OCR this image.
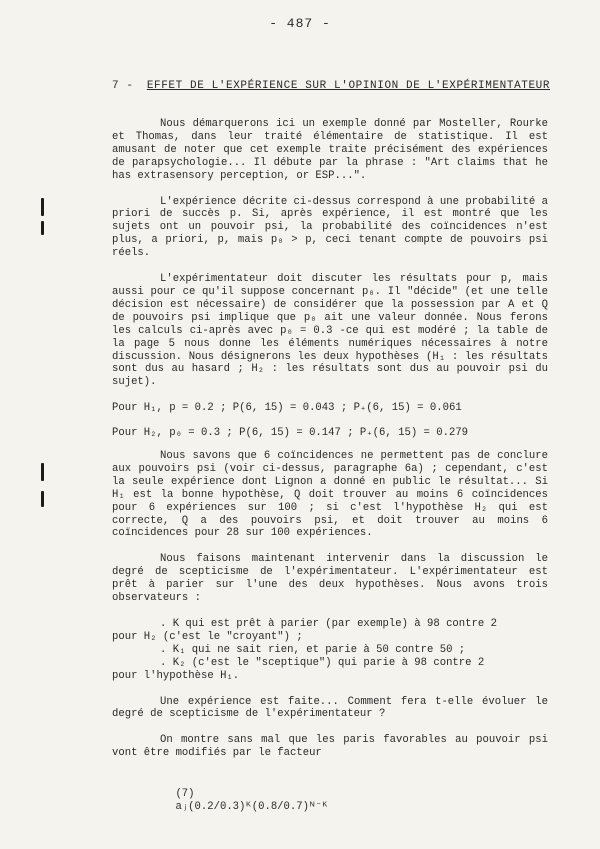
- 487 -
7 - EFFET DE L'EXPÉRIENCE SUR L'OPINION DE L'EXPÉRIMENTATEUR

Nous démarquerons ici un exemple donné par Mosteller, Rourke et Thomas, dans leur traité élémentaire de statistique. Il est amusant de noter que cet exemple traite précisément des expériences de parapsychologie... Il débute par la phrase : "Art claims that he has extrasensory perception, or ESP...".

L'expérience décrite ci-dessus correspond à une probabilité a priori de succès p. Si, après expérience, il est montré que les sujets ont un pouvoir psi, la probabilité des coïncidences n'est plus, a priori, p, mais p₀ > p, ceci tenant compte de pouvoirs psi réels.

L'expérimentateur doit discuter les résultats pour p, mais aussi pour ce qu'il suppose concernant p₀. Il "décide" (et une telle décision est nécessaire) de considérer que la possession par A et Q de pouvoirs psi implique que p₀ ait une valeur donnée. Nous ferons les calculs ci-après avec p₀ = 0.3 -ce qui est modéré ; la table de la page 5 nous donne les éléments numériques nécessaires à notre discussion. Nous désignerons les deux hypothèses (H₁ : les résultats sont dus au hasard ; H₂ : les résultats sont dus au pouvoir psi du sujet).

Pour H₁, p = 0.2 ; P(6, 15) = 0.043 ; P₊(6, 15) = 0.061

Pour H₂, p₀ = 0.3 ; P(6, 15) = 0.147 ; P₊(6, 15) = 0.279

Nous savons que 6 coïncidences ne permettent pas de conclure aux pouvoirs psi (voir ci-dessus, paragraphe 6a) ; cependant, c'est la seule expérience dont Lignon a donné en public le résultat... Si H₁ est la bonne hypothèse, Q doit trouver au moins 6 coïncidences pour 6 expériences sur 100 ; si c'est l'hypothèse H₂ qui est correcte, Q a des pouvoirs psi, et doit trouver au moins 6 coïncidences pour 28 sur 100 expériences.

Nous faisons maintenant intervenir dans la discussion le degré de scepticisme de l'expérimentateur. L'expérimentateur est prêt à parier sur l'une des deux hypothèses. Nous avons trois observateurs :

. K qui est prêt à parier (par exemple) à 98 contre 2

pour H₂ (c'est le "croyant") ;

. K₁ qui ne sait rien, et parie à 50 contre 50 ;

. K₂ (c'est le "sceptique") qui parie à 98 contre 2

pour l'hypothèse H₁.

Une expérience est faite... Comment fera t-elle évoluer le degré de scepticisme de l'expérimentateur ?

On montre sans mal que les paris favorables au pouvoir psi vont être modifiés par le facteur

(7)
aⱼ(0.2/0.3)ᴷ(0.8/0.7)ᴺ⁻ᴷ
